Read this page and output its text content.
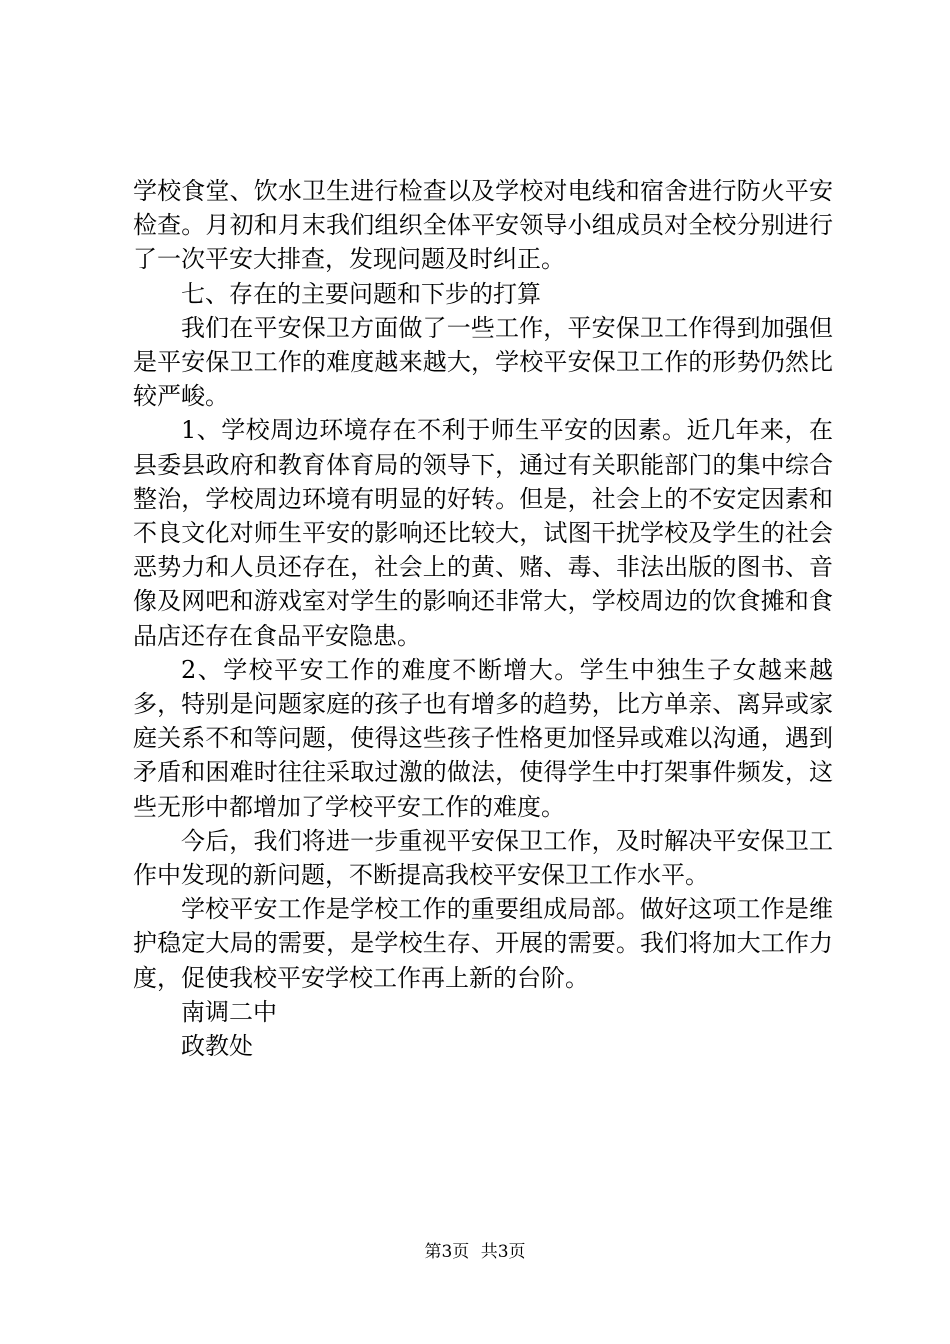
学校食堂、饮水卫生进行检查以及学校对电线和宿舍进行防火平安检查。月初和月末我们组织全体平安领导小组成员对全校分别进行了一次平安大排查，发现问题及时纠正。

七、存在的主要问题和下步的打算

我们在平安保卫方面做了一些工作，平安保卫工作得到加强但是平安保卫工作的难度越来越大，学校平安保卫工作的形势仍然比较严峻。

1、学校周边环境存在不利于师生平安的因素。近几年来，在县委县政府和教育体育局的领导下，通过有关职能部门的集中综合整治，学校周边环境有明显的好转。但是，社会上的不安定因素和不良文化对师生平安的影响还比较大，试图干扰学校及学生的社会恶势力和人员还存在，社会上的黄、赌、毒、非法出版的图书、音像及网吧和游戏室对学生的影响还非常大，学校周边的饮食摊和食品店还存在食品平安隐患。

2、学校平安工作的难度不断增大。学生中独生子女越来越多，特别是问题家庭的孩子也有增多的趋势，比方单亲、离异或家庭关系不和等问题，使得这些孩子性格更加怪异或难以沟通，遇到矛盾和困难时往往采取过激的做法，使得学生中打架事件频发，这些无形中都增加了学校平安工作的难度。

今后，我们将进一步重视平安保卫工作，及时解决平安保卫工作中发现的新问题，不断提高我校平安保卫工作水平。

学校平安工作是学校工作的重要组成局部。做好这项工作是维护稳定大局的需要，是学校生存、开展的需要。我们将加大工作力度，促使我校平安学校工作再上新的台阶。

南调二中

政教处

第3页 共3页
